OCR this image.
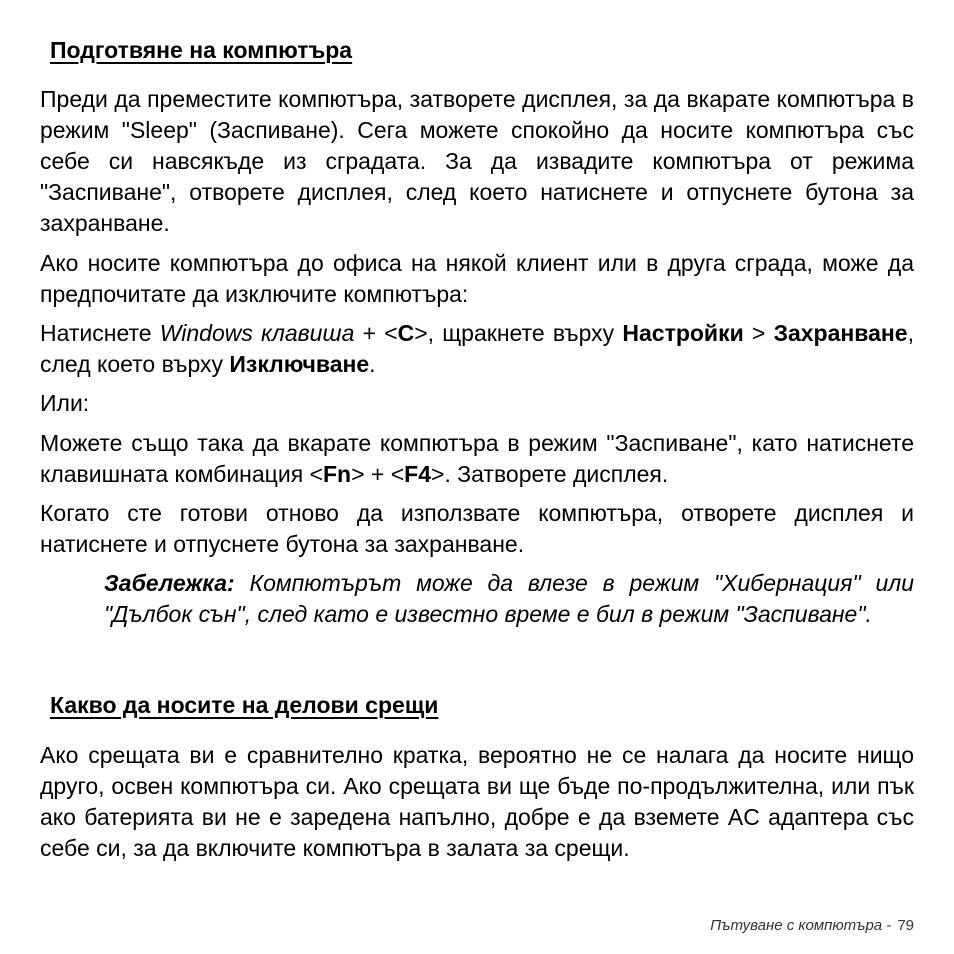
Подготвяне на компютъра
Преди да преместите компютъра, затворете дисплея, за да вкарате компютъра в режим "Sleep" (Заспиване). Сега можете спокойно да носите компютъра със себе си навсякъде из сградата. За да извадите компютъра от режима "Заспиване", отворете дисплея, след което натиснете и отпуснете бутона за захранване.
Ако носите компютъра до офиса на някой клиент или в друга сграда, може да предпочитате да изключите компютъра:
Натиснете Windows клавиша + <C>, щракнете върху Настройки > Захранване, след което върху Изключване.
Или:
Можете също така да вкарате компютъра в режим "Заспиване", като натиснете клавишната комбинация <Fn> + <F4>. Затворете дисплея.
Когато сте готови отново да използвате компютъра, отворете дисплея и натиснете и отпуснете бутона за захранване.
Забележка: Компютърът може да влезе в режим "Хибернация" или "Дълбок сън", след като е известно време е бил в режим "Заспиване".
Какво да носите на делови срещи
Ако срещата ви е сравнително кратка, вероятно не се налага да носите нищо друго, освен компютъра си. Ако срещата ви ще бъде по-продължителна, или пък ако батерията ви не е заредена напълно, добре е да вземете AC адаптера със себе си, за да включите компютъра в залата за срещи.
Пътуване с компютъра - 79
